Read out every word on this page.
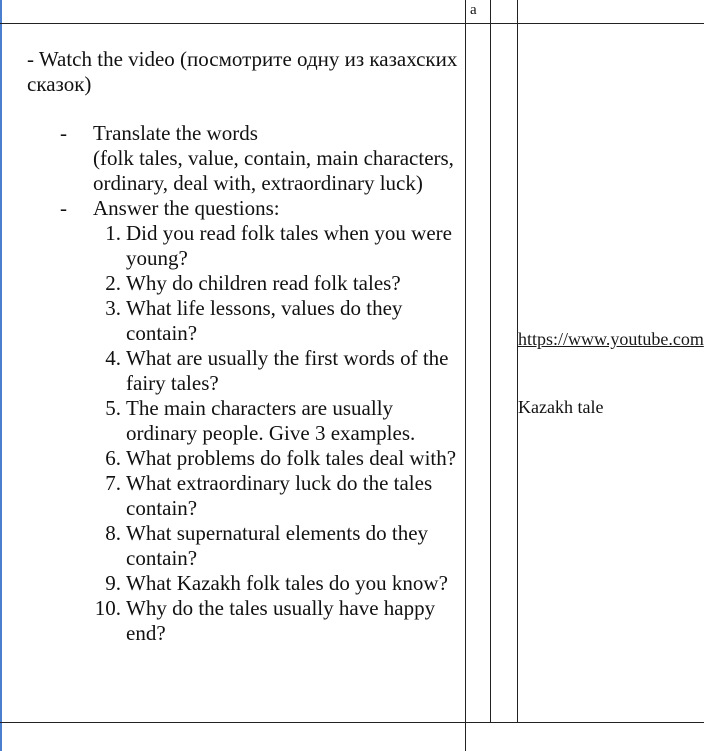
a

- Watch the video (посмотрите одну из казахских сказок)

- Translate the words
(folk tales, value, contain, main characters, ordinary, deal with, extraordinary luck)
- Answer the questions:
1. Did you read folk tales when you were young?
2. Why do children read folk tales?
3. What life lessons, values do they contain?
4. What are usually the first words of the fairy tales?
5. The main characters are usually ordinary people. Give 3 examples.
6. What problems do folk tales deal with?
7. What extraordinary luck do the tales contain?
8. What supernatural elements do they contain?
9. What Kazakh folk tales do you know?
10. Why do the tales usually have happy end?
https://www.youtube.com
Kazakh tale
